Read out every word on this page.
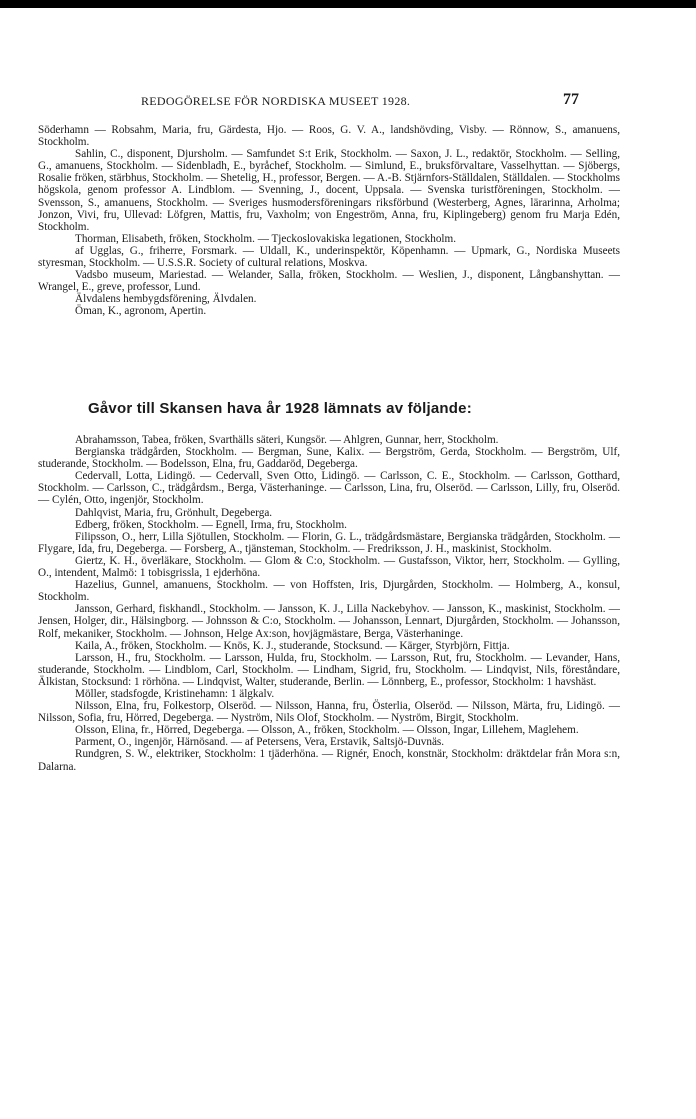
REDOGÖRELSE FÖR NORDISKA MUSEET 1928.	77

Söderhamn — Robsahm, Maria, fru, Gärdesta, Hjo. — Roos, G. V. A., landshövding, Visby. — Rönnow, S., amanuens, Stockholm.

Sahlin, C., disponent, Djursholm. — Samfundet S:t Erik, Stockholm. — Saxon, J. L., redaktör, Stockholm. — Selling, G., amanuens, Stockholm. — Sidenbladh, E., byråchef, Stockholm. — Simlund, E., bruksförvaltare, Vasselhyttan. — Sjöbergs, Rosalie fröken, stärbhus, Stockholm. — Shetelig, H., professor, Bergen. — A.-B. Stjärnfors-Ställdalen, Ställdalen. — Stockholms högskola, genom professor A. Lindblom. — Svenning, J., docent, Uppsala. — Svenska turistföreningen, Stockholm. — Svensson, S., amanuens, Stockholm. — Sveriges husmodersföreningars riksförbund (Westerberg, Agnes, lärarinna, Arholma; Jonzon, Vivi, fru, Ullevad: Löfgren, Mattis, fru, Vaxholm; von Engeström, Anna, fru, Kiplingeberg) genom fru Marja Edén, Stockholm.

Thorman, Elisabeth, fröken, Stockholm. — Tjeckoslovakiska legationen, Stockholm.

af Ugglas, G., friherre, Forsmark. — Uldall, K., underinspektör, Köpenhamn. — Upmark, G., Nordiska Museets styresman, Stockholm. — U.S.S.R. Society of cultural relations, Moskva.

Vadsbo museum, Mariestad. — Welander, Salla, fröken, Stockholm. — Weslien, J., disponent, Långbanshyttan. — Wrangel, E., greve, professor, Lund.

Älvdalens hembygdsförening, Älvdalen.

Öman, K., agronom, Apertin.

Gåvor till Skansen hava år 1928 lämnats av följande:

Abrahamsson, Tabea, fröken, Svarthälls säteri, Kungsör. — Ahlgren, Gunnar, herr, Stockholm.

Bergianska trädgården, Stockholm. — Bergman, Sune, Kalix. — Bergström, Gerda, Stockholm. — Bergström, Ulf, studerande, Stockholm. — Bodelsson, Elna, fru, Gaddaröd, Degeberga.

Cedervall, Lotta, Lidingö. — Cedervall, Sven Otto, Lidingö. — Carlsson, C. E., Stockholm. — Carlsson, Gotthard, Stockholm. — Carlsson, C., trädgårdsm., Berga, Västerhaninge. — Carlsson, Lina, fru, Olseröd. — Carlsson, Lilly, fru, Olseröd. — Cylén, Otto, ingenjör, Stockholm.

Dahlqvist, Maria, fru, Grönhult, Degeberga.

Edberg, fröken, Stockholm. — Egnell, Irma, fru, Stockholm.

Filipsson, O., herr, Lilla Sjötullen, Stockholm. — Florin, G. L., trädgårdsmästare, Bergianska trädgården, Stockholm. — Flygare, Ida, fru, Degeberga. — Forsberg, A., tjänsteman, Stockholm. — Fredriksson, J. H., maskinist, Stockholm.

Giertz, K. H., överläkare, Stockholm. — Glom & C:o, Stockholm. — Gustafsson, Viktor, herr, Stockholm. — Gylling, O., intendent, Malmö: 1 tobisgrissla, 1 ejderhöna.

Hazelius, Gunnel, amanuens, Stockholm. — von Hoffsten, Iris, Djurgården, Stockholm. — Holmberg, A., konsul, Stockholm.

Jansson, Gerhard, fiskhandl., Stockholm. — Jansson, K. J., Lilla Nackebyhov. — Jansson, K., maskinist, Stockholm. — Jensen, Holger, dir., Hälsingborg. — Johnsson & C:o, Stockholm. — Johansson, Lennart, Djurgården, Stockholm. — Johansson, Rolf, mekaniker, Stockholm. — Johnson, Helge Ax:son, hovjägmästare, Berga, Västerhaninge.

Kaila, A., fröken, Stockholm. — Knös, K. J., studerande, Stocksund. — Kärger, Styrbjörn, Fittja.

Larsson, H., fru, Stockholm. — Larsson, Hulda, fru, Stockholm. — Larsson, Rut, fru, Stockholm. — Levander, Hans, studerande, Stockholm. — Lindblom, Carl, Stockholm. — Lindham, Sigrid, fru, Stockholm. — Lindqvist, Nils, föreståndare, Älkistan, Stocksund: 1 rörhöna. — Lindqvist, Walter, studerande, Berlin. — Lönnberg, E., professor, Stockholm: 1 havshäst.

Möller, stadsfogde, Kristinehamn: 1 älgkalv.

Nilsson, Elna, fru, Folkestorp, Olseröd. — Nilsson, Hanna, fru, Österlia, Olseröd. — Nilsson, Märta, fru, Lidingö. — Nilsson, Sofia, fru, Hörred, Degeberga. — Nyström, Nils Olof, Stockholm. — Nyström, Birgit, Stockholm.

Olsson, Elina, fr., Hörred, Degeberga. — Olsson, A., fröken, Stockholm. — Olsson, Ingar, Lillehem, Maglehem.

Parment, O., ingenjör, Härnösand. — af Petersens, Vera, Erstavik, Saltsjö-Duvnäs.

Rundgren, S. W., elektriker, Stockholm: 1 tjäderhöna. — Rignér, Enoch, konstnär, Stockholm: dräktdelar från Mora s:n, Dalarna.
